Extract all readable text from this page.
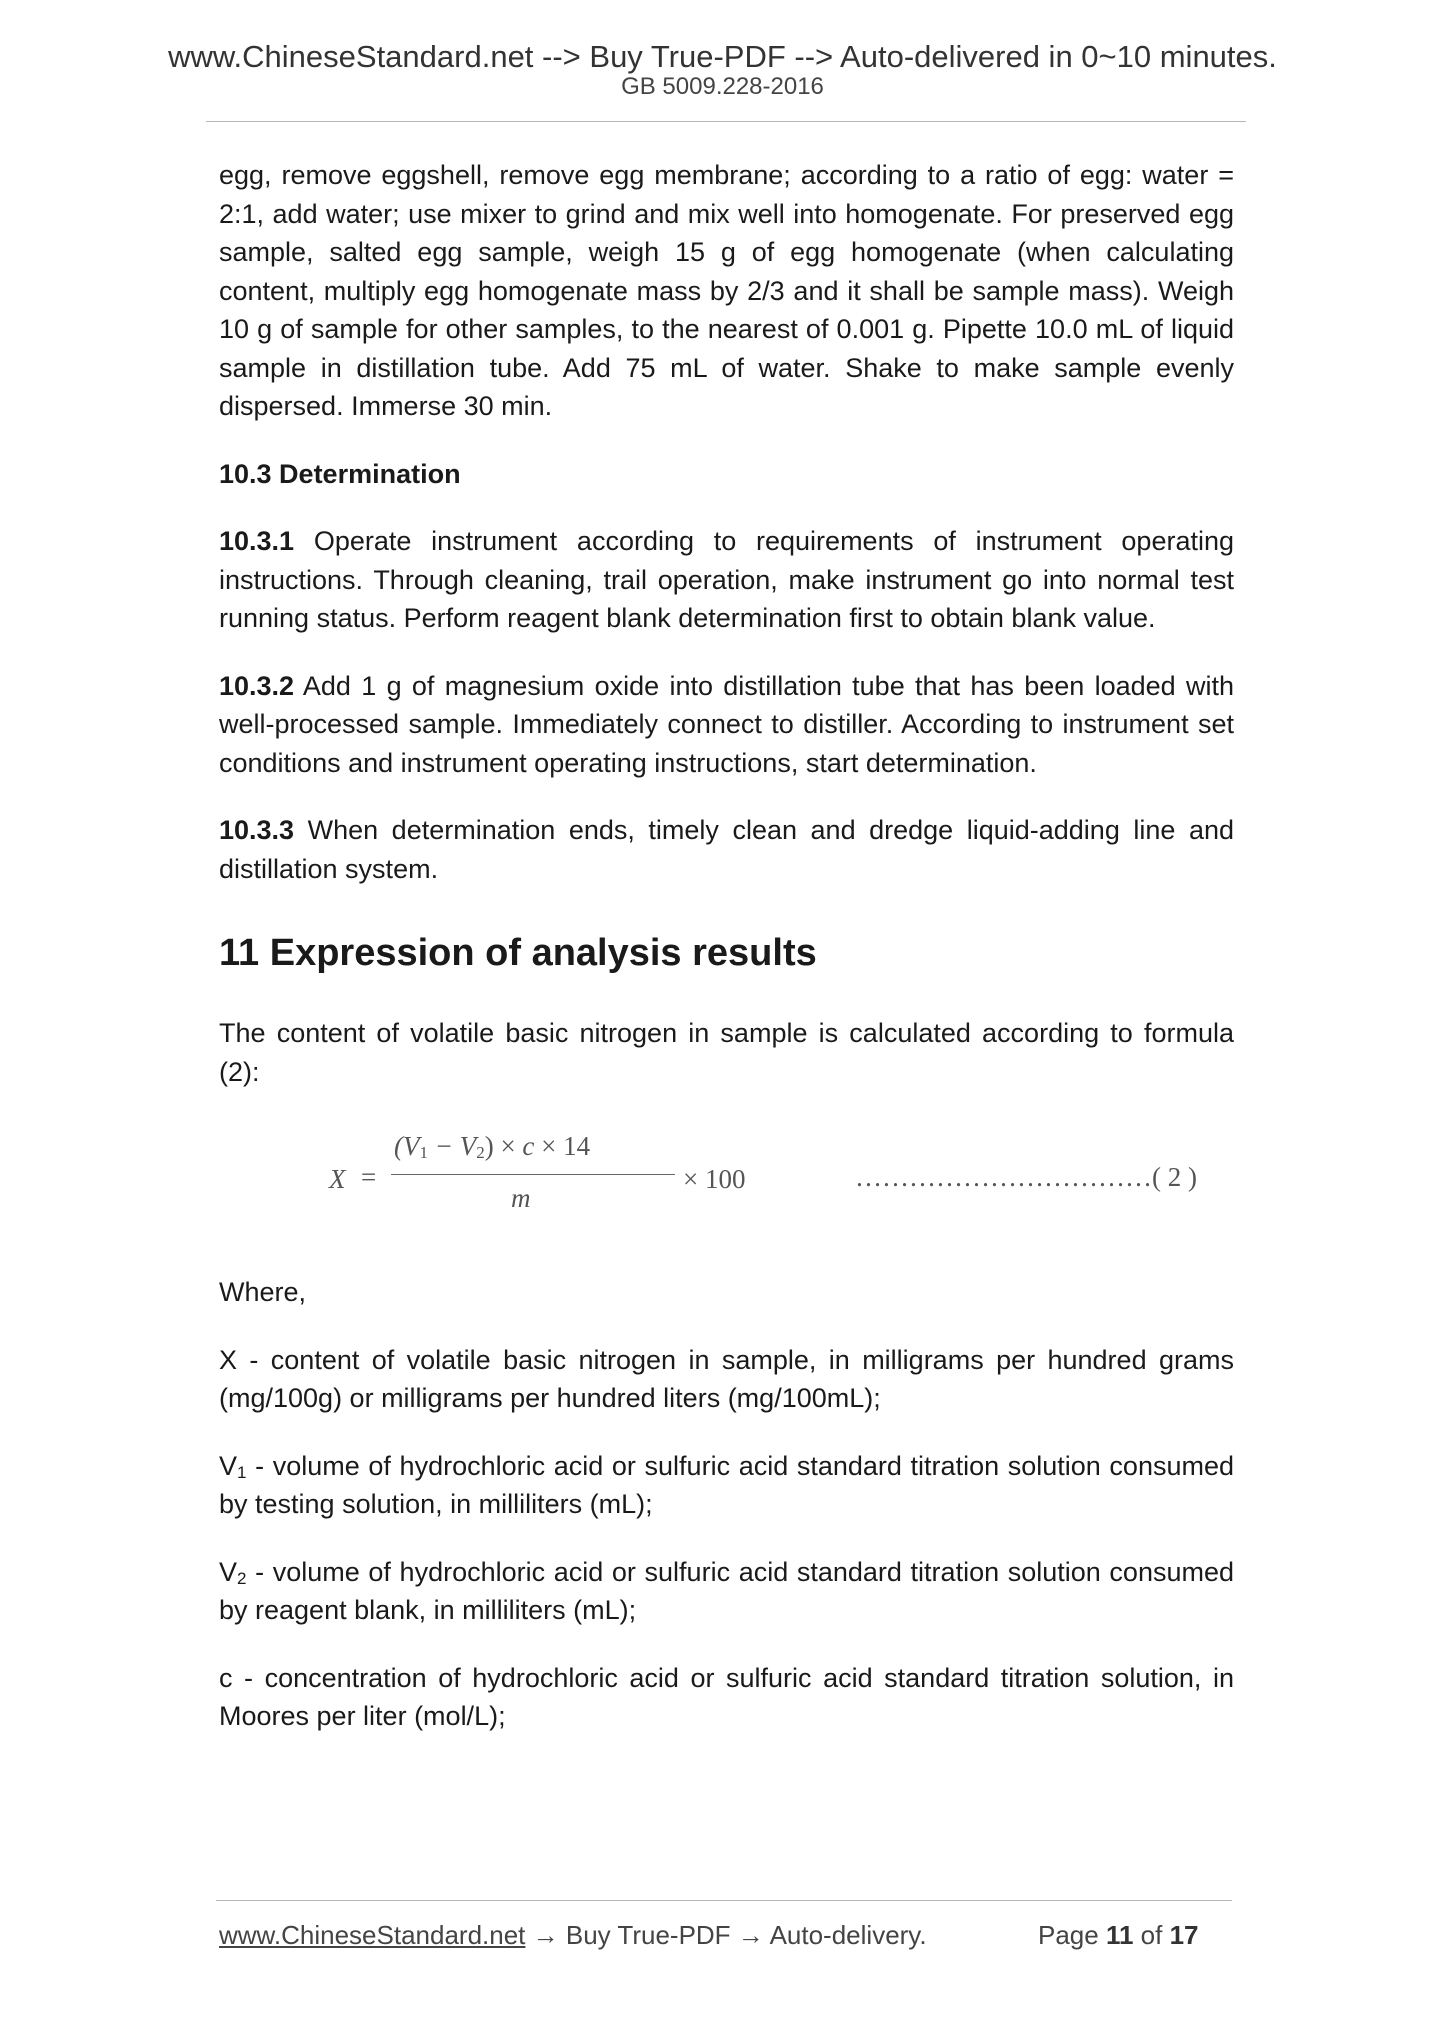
www.ChineseStandard.net --> Buy True-PDF --> Auto-delivered in 0~10 minutes.
GB 5009.228-2016

egg, remove eggshell, remove egg membrane; according to a ratio of egg: water = 2:1, add water; use mixer to grind and mix well into homogenate. For preserved egg sample, salted egg sample, weigh 15 g of egg homogenate (when calculating content, multiply egg homogenate mass by 2/3 and it shall be sample mass). Weigh 10 g of sample for other samples, to the nearest of 0.001 g. Pipette 10.0 mL of liquid sample in distillation tube. Add 75 mL of water. Shake to make sample evenly dispersed. Immerse 30 min.

10.3 Determination

10.3.1 Operate instrument according to requirements of instrument operating instructions. Through cleaning, trail operation, make instrument go into normal test running status. Perform reagent blank determination first to obtain blank value.

10.3.2 Add 1 g of magnesium oxide into distillation tube that has been loaded with well-processed sample. Immediately connect to distiller. According to instrument set conditions and instrument operating instructions, start determination.

10.3.3 When determination ends, timely clean and dredge liquid-adding line and distillation system.

11 Expression of analysis results

The content of volatile basic nitrogen in sample is calculated according to formula (2):

X =
$(V_1 - V_2) \times c \times 14$
m
× 100	……………………………( 2 )

Where,

X - content of volatile basic nitrogen in sample, in milligrams per hundred grams (mg/100g) or milligrams per hundred liters (mg/100mL);

$V_1$ - volume of hydrochloric acid or sulfuric acid standard titration solution consumed by testing solution, in milliliters (mL);

$V_2$ - volume of hydrochloric acid or sulfuric acid standard titration solution consumed by reagent blank, in milliliters (mL);

c - concentration of hydrochloric acid or sulfuric acid standard titration solution, in Moores per liter (mol/L);

www.ChineseStandard.net → Buy True-PDF → Auto-delivery.	Page 11 of 17
